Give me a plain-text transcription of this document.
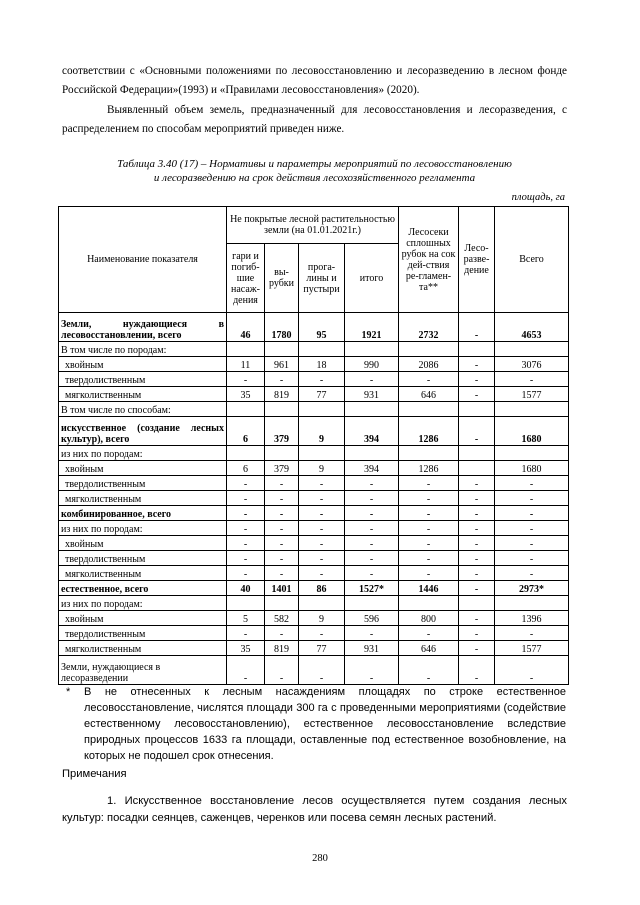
соответствии с «Основными положениями по лесовосстановлению и лесоразведению в лесном фонде Российской Федерации»(1993) и «Правилами лесовосстановления» (2020).
Выявленный объем земель, предназначенный для лесовосстановления и лесоразведения, с распределением по способам мероприятий приведен ниже.
Таблица 3.40 (17) – Нормативы и параметры мероприятий по лесовосстановлению
и лесоразведению на срок действия лесохозяйственного регламента
площадь, га
Наименование показателя	Не покрытые лесной растительностью земли (на 01.01.2021г.)				Лесосеки сплошных рубок на сок дей-ствия ре-гламен-та**	Лесо-разве-дение	Всего
	гари и погиб-шие насаж-дения	вы-рубки	прога-лины и пустыри	итого			
Земли, нуждающиеся в лесовосстановлении, всего	46	1780	95	1921	2732	-	4653
В том числе по породам:							
хвойным	11	961	18	990	2086	-	3076
твердолиственным	-	-	-	-	-	-	-
мягколиственным	35	819	77	931	646	-	1577
В том числе по способам:							
искусственное (создание лесных культур), всего	6	379	9	394	1286	-	1680
из них по породам:							
хвойным	6	379	9	394	1286		1680
твердолиственным	-	-	-	-	-	-	-
мягколиственным	-	-	-	-	-	-	-
комбинированное, всего	-	-	-	-	-	-	-
из них по породам:	-	-	-	-	-	-	-
хвойным	-	-	-	-	-	-	-
твердолиственным	-	-	-	-	-	-	-
мягколиственным	-	-	-	-	-	-	-
естественное, всего	40	1401	86	1527*	1446	-	2973*
из них по породам:							
хвойным	5	582	9	596	800	-	1396
твердолиственным	-	-	-	-	-	-	-
мягколиственным	35	819	77	931	646	-	1577
Земли, нуждающиеся в лесоразведении	-	-	-	-	-	-	-
*	В не отнесенных к лесным насаждениям площадях по строке естественное лесовосстановление, числятся площади 300 га с проведенными мероприятиями (содействие естественному лесовосстановлению), естественное лесовосстановление вследствие природных процессов 1633 га площади, оставленные под естественное возобновление, на которых не подошел срок отнесения.
Примечания
1. Искусственное восстановление лесов осуществляется путем создания лесных культур: посадки сеянцев, саженцев, черенков или посева семян лесных растений.
280
